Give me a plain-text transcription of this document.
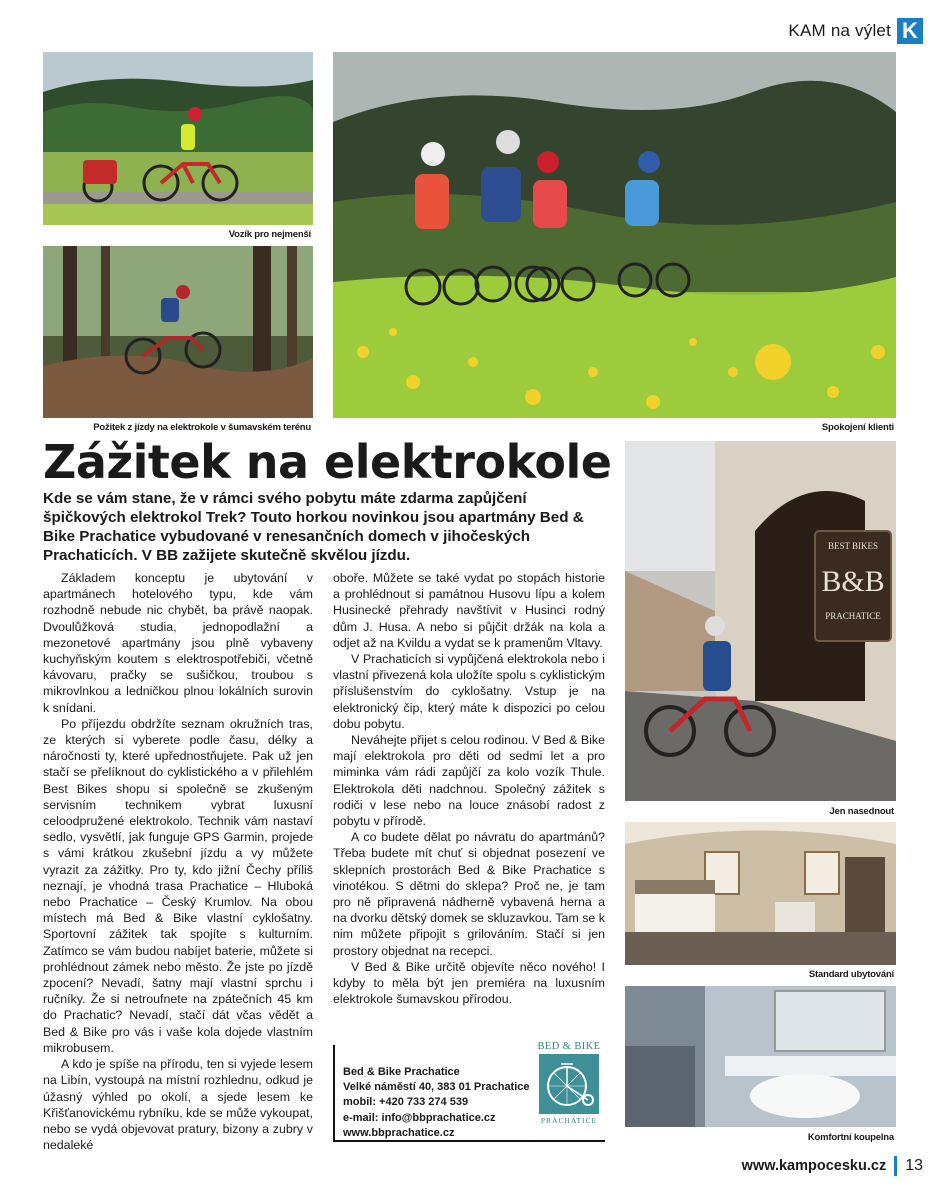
KAM na výlet K
Vozík pro nejmenší
Požitek z jízdy na elektrokole v šumavském terénu	Spokojení klienti
B&B
BEST BIKES
PRACHATICE
Jen nasednout
Standard ubytování
Komfortní koupelna
Zážitek na elektrokole

Kde se vám stane, že v rámci svého pobytu máte zdarma zapůjčení špičkových elektrokol Trek? Touto horkou novinkou jsou apartmány Bed & Bike Prachatice vybudované v renesančních domech v jihočeských Prachaticích. V BB zažijete skutečně skvělou jízdu.

Základem konceptu je ubytování v apartmánech hotelového typu, kde vám rozhodně nebude nic chybět, ba právě naopak. Dvoulůžková studia, jednopodlažní a mezonetové apartmány jsou plně vybaveny kuchyňským koutem s elektrospotřebiči, včetně kávovaru, pračky se sušičkou, troubou s mikrovlnkou a ledničkou plnou lokálních surovin k snídani.

Po příjezdu obdržíte seznam okružních tras, ze kterých si vyberete podle času, délky a náročnosti ty, které upřednostňujete. Pak už jen stačí se přelíknout do cyklistického a v přilehlém Best Bikes shopu si společně se zkušeným servisním technikem vybrat luxusní celoodpružené elektrokolo. Technik vám nastaví sedlo, vysvětlí, jak funguje GPS Garmin, projede s vámi krátkou zkušební jízdu a vy můžete vyrazit za zážitky. Pro ty, kdo jižní Čechy příliš neznají, je vhodná trasa Prachatice – Hluboká nebo Prachatice – Český Krumlov. Na obou místech má Bed & Bike vlastní cyklošatny. Sportovní zážitek tak spojíte s kulturním. Zatímco se vám budou nabíjet baterie, můžete si prohlédnout zámek nebo město. Že jste po jízdě zpocení? Nevadí, šatny mají vlastní sprchu i ručníky. Že si netroufnete na zpátečních 45 km do Prachatic? Nevadí, stačí dát včas vědět a Bed & Bike pro vás i vaše kola dojede vlastním mikrobusem.

A kdo je spíše na přírodu, ten si vyjede lesem na Libín, vystoupá na místní rozhlednu, odkud je úžasný výhled po okolí, a sjede lesem ke Křišťanovickému rybníku, kde se může vykoupat, nebo se vydá objevovat pratury, bizony a zubry v nedaleké

oboře. Můžete se také vydat po stopách historie a prohlédnout si památnou Husovu lípu a kolem Husinecké přehrady navštívit v Husinci rodný dům J. Husa. A nebo si půjčit držák na kola a odjet až na Kvildu a vydat se k pramenům Vltavy.

V Prachaticích si vypůjčená elektrokola nebo i vlastní přivezená kola uložíte spolu s cyklistickým příslušenstvím do cyklošatny. Vstup je na elektronický čip, který máte k dispozici po celou dobu pobytu.

Neváhejte přijet s celou rodinou. V Bed & Bike mají elektrokola pro děti od sedmi let a pro miminka vám rádi zapůjčí za kolo vozík Thule. Elektrokola děti nadchnou. Společný zážitek s rodiči v lese nebo na louce znásobí radost z pobytu v přírodě.

A co budete dělat po návratu do apartmánů? Třeba budete mít chuť si objednat posezení ve sklepních prostorách Bed & Bike Prachatice s vinotékou. S dětmi do sklepa? Proč ne, je tam pro ně připravená nádherně vybavená herna a na dvorku dětský domek se skluzavkou. Tam se k nim můžete připojit s grilováním. Stačí si jen prostory objednat na recepci.

V Bed & Bike určitě objevíte něco nového! I kdyby to měla být jen premiéra na luxusním elektrokole šumavskou přírodou.

Bed & Bike Prachatice
Velké náměstí 40, 383 01 Prachatice
mobil: +420 733 274 539
e-mail: info@bbprachatice.cz
www.bbprachatice.cz
BED & BIKE
PRACHATICE
www.kampocesku.cz 13
